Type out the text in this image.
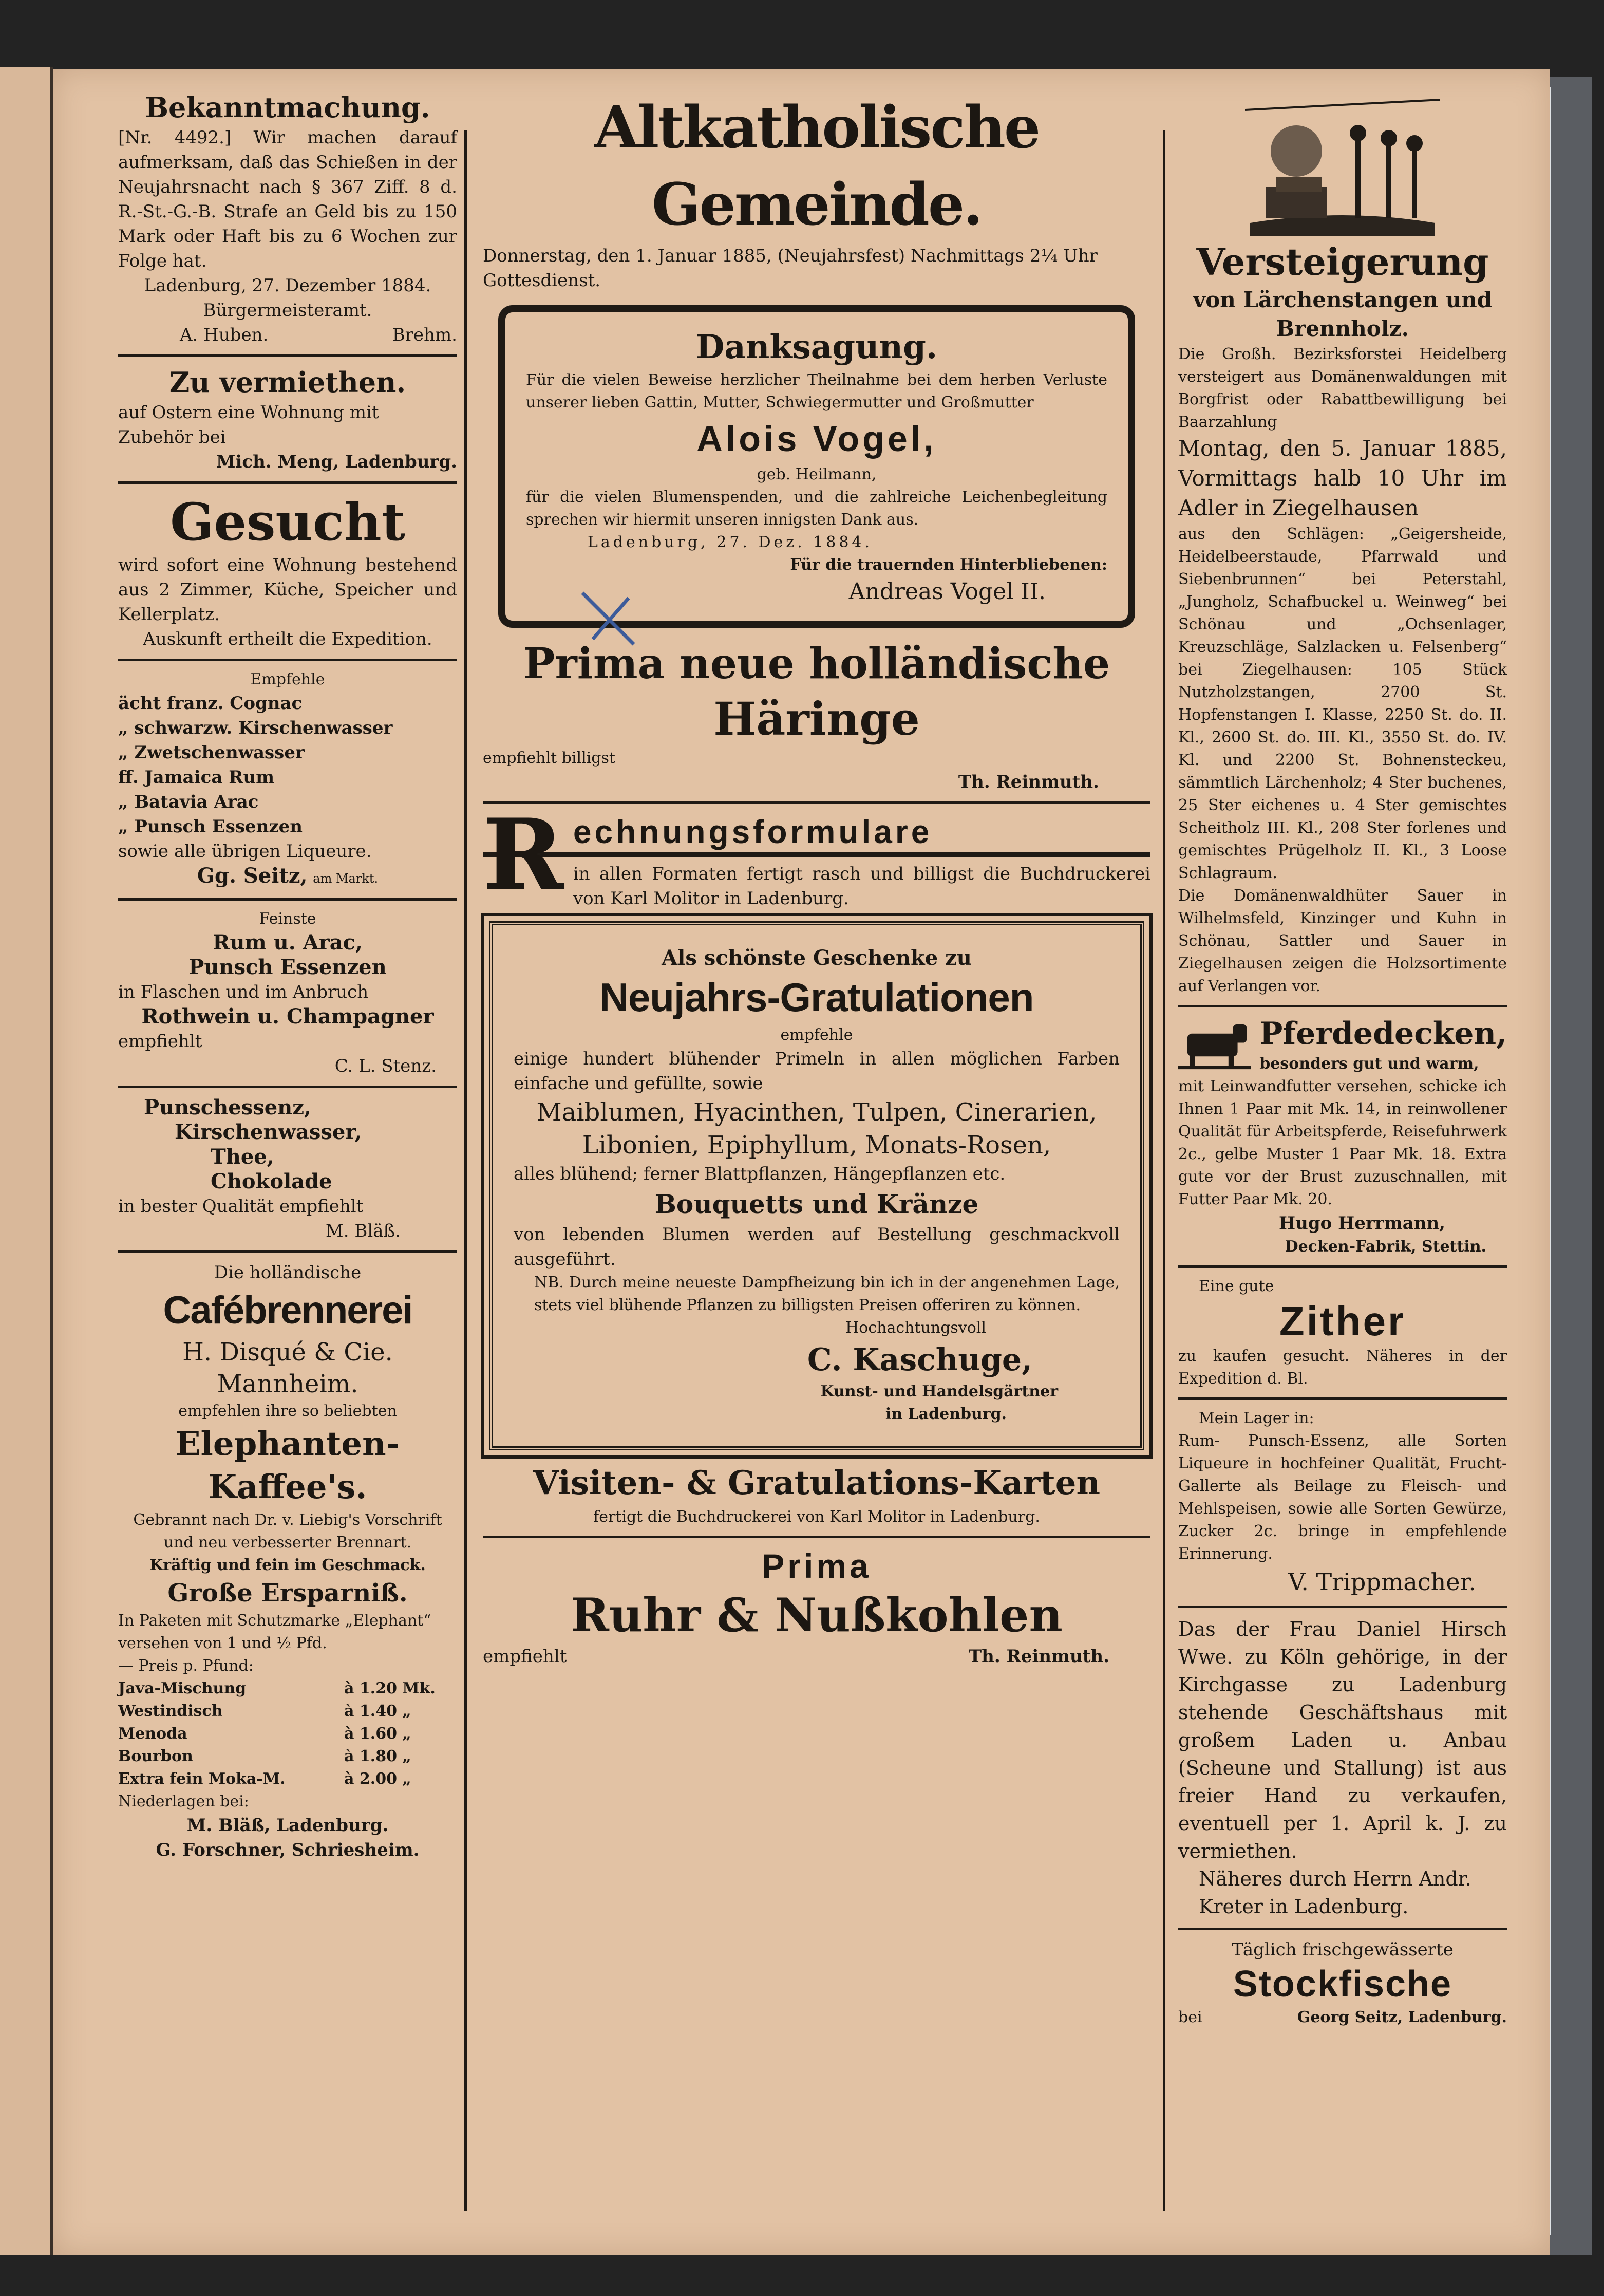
Bekanntmachung.

[Nr. 4492.] Wir machen darauf aufmerksam, daß das Schießen in der Neujahrsnacht nach § 367 Ziff. 8 d. R.-St.-G.-B. Strafe an Geld bis zu 150 Mark oder Haft bis zu 6 Wochen zur Folge hat.

Ladenburg, 27. Dezember 1884.

Bürgermeisteramt.

A. Huben.	Brehm.

Zu vermiethen.

auf Ostern eine Wohnung mit Zubehör bei

Mich. Meng, Ladenburg.

Gesucht

wird sofort eine Wohnung bestehend aus 2 Zimmer, Küche, Speicher und Kellerplatz.

Auskunft ertheilt die Expedition.

Empfehle

ächt franz. Cognac

„ schwarzw. Kirschenwasser

„ Zwetschenwasser

ff. Jamaica Rum

„ Batavia Arac

„ Punsch Essenzen

sowie alle übrigen Liqueure.

Gg. Seitz, am Markt.

Feinste

Rum u. Arac,

Punsch Essenzen

in Flaschen und im Anbruch

Rothwein u. Champagner

empfiehlt

C. L. Stenz.

Punschessenz,

Kirschenwasser,

Thee,

Chokolade

in bester Qualität empfiehlt

M. Bläß.

Die holländische

Cafébrennerei

H. Disqué & Cie.

Mannheim.

empfehlen ihre so beliebten

Elephanten-

Kaffee's.

Gebrannt nach Dr. v. Liebig's Vorschrift und neu verbesserter Brennart.

Kräftig und fein im Geschmack.

Große Ersparniß.

In Paketen mit Schutzmarke „Elephant“ versehen von 1 und ½ Pfd.

— Preis p. Pfund:

Java-Mischung	à 1.20 Mk.

Westindisch	à 1.40 „

Menoda	à 1.60 „

Bourbon	à 1.80 „

Extra fein Moka-M.	à 2.00 „

Niederlagen bei:

M. Bläß, Ladenburg.

G. Forschner, Schriesheim.

Altkatholische Gemeinde.

Donnerstag, den 1. Januar 1885, (Neujahrsfest) Nachmittags 2¼ Uhr Gottesdienst.

Danksagung.

Für die vielen Beweise herzlicher Theilnahme bei dem herben Verluste unserer lieben Gattin, Mutter, Schwiegermutter und Großmutter

Alois Vogel,

geb. Heilmann,

für die vielen Blumenspenden, und die zahlreiche Leichenbegleitung sprechen wir hiermit unseren innigsten Dank aus.

Ladenburg, 27. Dez. 1884.

Für die trauernden Hinterbliebenen:

Andreas Vogel II.

Prima neue holländische

Häringe

empfiehlt billigst

Th. Reinmuth.

R echnungsformulare

in allen Formaten fertigt rasch und billigst die Buchdruckerei von Karl Molitor in Ladenburg.

Als schönste Geschenke zu

Neujahrs-Gratulationen

empfehle

einige hundert blühender Primeln in allen möglichen Farben einfache und gefüllte, sowie

Maiblumen, Hyacinthen, Tulpen, Cinerarien, Libonien, Epiphyllum, Monats-Rosen,

alles blühend; ferner Blattpflanzen, Hängepflanzen etc.

Bouquetts und Kränze

von lebenden Blumen werden auf Bestellung geschmackvoll ausgeführt.

NB. Durch meine neueste Dampfheizung bin ich in der angenehmen Lage, stets viel blühende Pflanzen zu billigsten Preisen offeriren zu können.

Hochachtungsvoll

C. Kaschuge,

Kunst- und Handelsgärtner

in Ladenburg.

Visiten- & Gratulations-Karten

fertigt die Buchdruckerei von Karl Molitor in Ladenburg.

Prima

Ruhr & Nußkohlen

empfiehlt	Th. Reinmuth.

Versteigerung

von Lärchenstangen und Brennholz.

Die Großh. Bezirksforstei Heidelberg versteigert aus Domänenwaldungen mit Borgfrist oder Rabattbewilligung bei Baarzahlung

Montag, den 5. Januar 1885, Vormittags halb 10 Uhr im Adler in Ziegelhausen

aus den Schlägen: „Geigersheide, Heidelbeerstaude, Pfarrwald und Siebenbrunnen“ bei Peterstahl, „Jungholz, Schafbuckel u. Weinweg“ bei Schönau und „Ochsenlager, Kreuzschläge, Salzlacken u. Felsenberg“ bei Ziegelhausen: 105 Stück Nutzholzstangen, 2700 St. Hopfenstangen I. Klasse, 2250 St. do. II. Kl., 2600 St. do. III. Kl., 3550 St. do. IV. Kl. und 2200 St. Bohnensteckeu, sämmtlich Lärchenholz; 4 Ster buchenes, 25 Ster eichenes u. 4 Ster gemischtes Scheitholz III. Kl., 208 Ster forlenes und gemischtes Prügelholz II. Kl., 3 Loose Schlagraum.

Die Domänenwaldhüter Sauer in Wilhelmsfeld, Kinzinger und Kuhn in Schönau, Sattler und Sauer in Ziegelhausen zeigen die Holzsortimente auf Verlangen vor.

Pferdedecken,

besonders gut und warm,

mit Leinwandfutter versehen, schicke ich Ihnen 1 Paar mit Mk. 14, in reinwollener Qualität für Arbeitspferde, Reisefuhrwerk 2c., gelbe Muster 1 Paar Mk. 18. Extra gute vor der Brust zuzuschnallen, mit Futter Paar Mk. 20.

Hugo Herrmann,

Decken-Fabrik, Stettin.

Eine gute

Zither

zu kaufen gesucht. Näheres in der Expedition d. Bl.

Mein Lager in:

Rum- Punsch-Essenz, alle Sorten Liqueure in hochfeiner Qualität, Frucht-Gallerte als Beilage zu Fleisch- und Mehlspeisen, sowie alle Sorten Gewürze, Zucker 2c. bringe in empfehlende Erinnerung.

V. Trippmacher.

Das der Frau Daniel Hirsch Wwe. zu Köln gehörige, in der Kirchgasse zu Ladenburg stehende Geschäftshaus mit großem Laden u. Anbau (Scheune und Stallung) ist aus freier Hand zu verkaufen, eventuell per 1. April k. J. zu vermiethen.

Näheres durch Herrn Andr. Kreter in Ladenburg.

Täglich frischgewässerte

Stockfische

bei	Georg Seitz, Ladenburg.
